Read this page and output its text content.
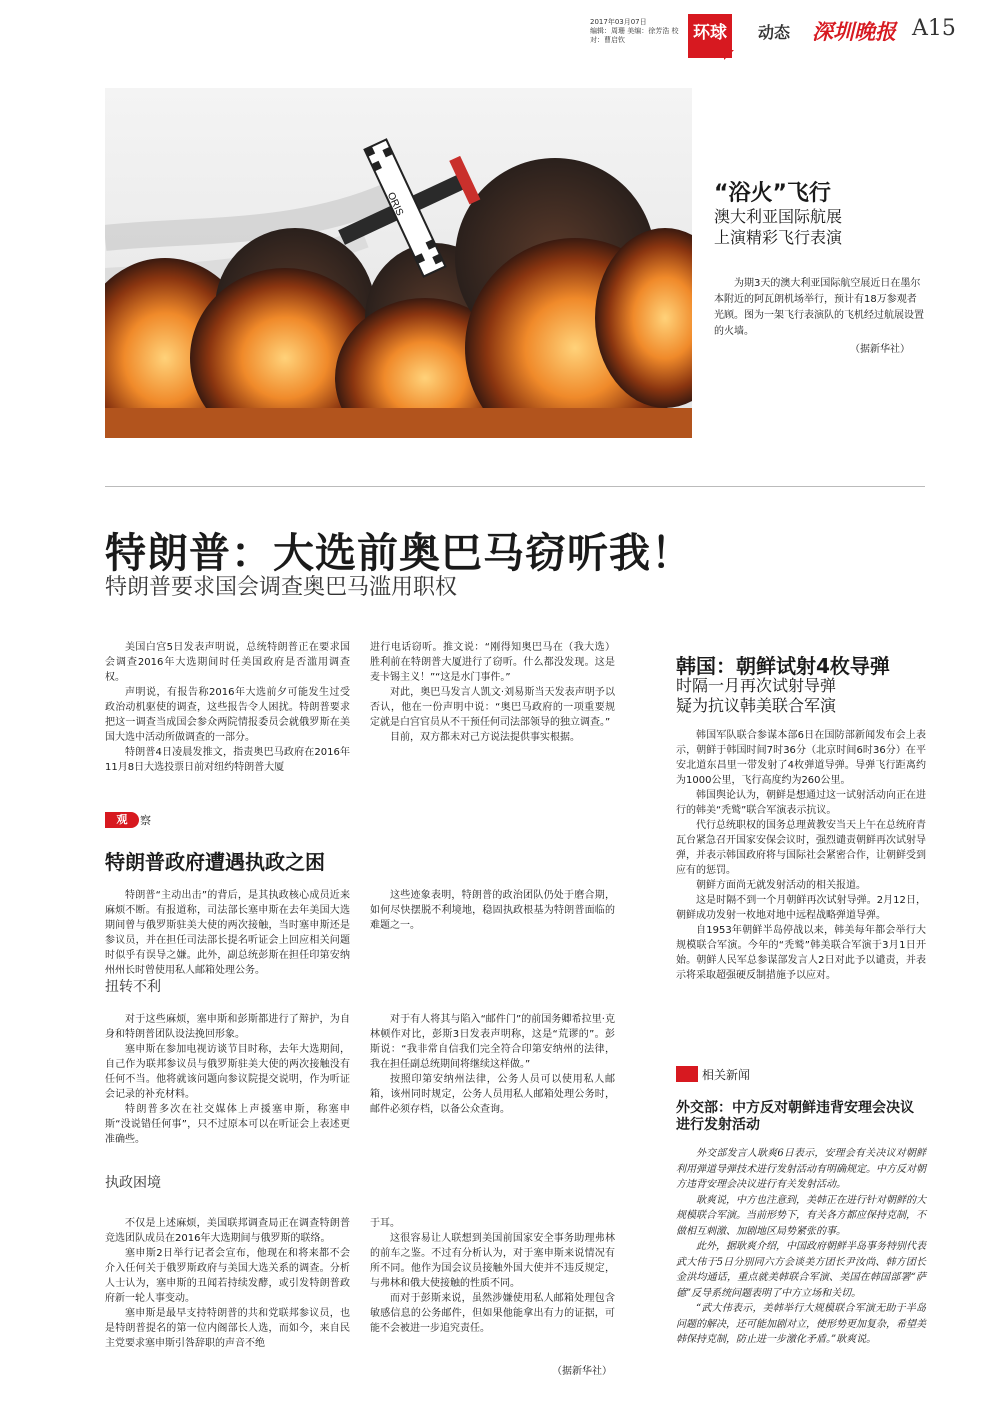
2017年03月07日
编辑：周珊 美编：徐芳浩 校对：曹启钦	环球	动态 深圳晚报 A15
ORIS	“浴火”飞行
澳大利亚国际航展
上演精彩飞行表演
为期3天的澳大利亚国际航空展近日在墨尔本附近的阿瓦朗机场举行，预计有18万参观者光顾。图为一架飞行表演队的飞机经过航展设置的火墙。
（据新华社）
特朗普：大选前奥巴马窃听我！
特朗普要求国会调查奥巴马滥用职权

美国白宫5日发表声明说，总统特朗普正在要求国会调查2016年大选期间时任美国政府是否滥用调查权。

声明说，有报告称2016年大选前夕可能发生过受政治动机驱使的调查，这些报告令人困扰。特朗普要求把这一调查当成国会参众两院情报委员会就俄罗斯在美国大选中活动所做调查的一部分。

特朗普4日凌晨发推文，指责奥巴马政府在2016年11月8日大选投票日前对纽约特朗普大厦

进行电话窃听。推文说：“刚得知奥巴马在（我大选）胜利前在特朗普大厦进行了窃听。什么都没发现。这是麦卡锡主义！”“这是水门事件。”

对此，奥巴马发言人凯文·刘易斯当天发表声明予以否认，他在一份声明中说：“奥巴马政府的一项重要规定就是白宫官员从不干预任何司法部领导的独立调查。”

目前，双方都未对己方说法提供事实根据。

观	察
特朗普政府遭遇执政之困

特朗普“主动出击”的背后，是其执政核心成员近来麻烦不断。有报道称，司法部长塞申斯在去年美国大选期间曾与俄罗斯驻美大使的两次接触，当时塞申斯还是参议员，并在担任司法部长提名听证会上回应相关问题时似乎有误导之嫌。此外，副总统彭斯在担任印第安纳州州长时曾使用私人邮箱处理公务。

这些迹象表明，特朗普的政治团队仍处于磨合期，如何尽快摆脱不利境地，稳固执政根基为特朗普面临的难题之一。

扭转不利

对于这些麻烦，塞申斯和彭斯都进行了辩护，为自身和特朗普团队设法挽回形象。

塞申斯在参加电视访谈节目时称，去年大选期间，自己作为联邦参议员与俄罗斯驻美大使的两次接触没有任何不当。他将就该问题向参议院提交说明，作为听证会记录的补充材料。

特朗普多次在社交媒体上声援塞申斯，称塞申斯“没说错任何事”，只不过原本可以在听证会上表述更准确些。

对于有人将其与陷入“邮件门”的前国务卿希拉里·克林顿作对比，彭斯3日发表声明称，这是“荒谬的”。彭斯说：“我非常自信我们完全符合印第安纳州的法律，我在担任副总统期间将继续这样做。”

按照印第安纳州法律，公务人员可以使用私人邮箱，该州同时规定，公务人员用私人邮箱处理公务时，邮件必须存档，以备公众查询。

执政困境

不仅是上述麻烦，美国联邦调查局正在调查特朗普竞选团队成员在2016年大选期间与俄罗斯的联络。

塞申斯2日举行记者会宣布，他现在和将来都不会介入任何关于俄罗斯政府与美国大选关系的调查。分析人士认为，塞申斯的丑闻若持续发酵，或引发特朗普政府新一轮人事变动。

塞申斯是最早支持特朗普的共和党联邦参议员，也是特朗普提名的第一位内阁部长人选，而如今，来自民主党要求塞申斯引咎辞职的声音不绝

于耳。

这很容易让人联想到美国前国家安全事务助理弗林的前车之鉴。不过有分析认为，对于塞申斯来说情况有所不同。他作为国会议员接触外国大使并不违反规定，与弗林和俄大使接触的性质不同。

而对于彭斯来说，虽然涉嫌使用私人邮箱处理包含敏感信息的公务邮件，但如果他能拿出有力的证据，可能不会被进一步追究责任。

（据新华社）
韩国：朝鲜试射4枚导弹
时隔一月再次试射导弹
疑为抗议韩美联合军演

韩国军队联合参谋本部6日在国防部新闻发布会上表示，朝鲜于韩国时间7时36分（北京时间6时36分）在平安北道东昌里一带发射了4枚弹道导弹。导弹飞行距离约为1000公里，飞行高度约为260公里。

韩国舆论认为，朝鲜是想通过这一试射活动向正在进行的韩美“秃鹫”联合军演表示抗议。

代行总统职权的国务总理黄教安当天上午在总统府青瓦台紧急召开国家安保会议时，强烈谴责朝鲜再次试射导弹，并表示韩国政府将与国际社会紧密合作，让朝鲜受到应有的惩罚。

朝鲜方面尚无就发射活动的相关报道。

这是时隔不到一个月朝鲜再次试射导弹。2月12日，朝鲜成功发射一枚地对地中远程战略弹道导弹。

自1953年朝鲜半岛停战以来，韩美每年都会举行大规模联合军演。今年的“秃鹫”韩美联合军演于3月1日开始。朝鲜人民军总参谋部发言人2日对此予以谴责，并表示将采取超强硬反制措施予以应对。

相关新闻
外交部：中方反对朝鲜违背安理会决议进行发射活动

外交部发言人耿爽6日表示，安理会有关决议对朝鲜利用弹道导弹技术进行发射活动有明确规定。中方反对朝方违背安理会决议进行有关发射活动。

耿爽说，中方也注意到，美韩正在进行针对朝鲜的大规模联合军演。当前形势下，有关各方都应保持克制，不做相互刺激、加剧地区局势紧张的事。

此外，据耿爽介绍，中国政府朝鲜半岛事务特别代表武大伟于5日分别同六方会谈美方团长尹汝尚、韩方团长金洪均通话，重点就美韩联合军演、美国在韩国部署“萨德”反导系统问题表明了中方立场和关切。

“武大伟表示，美韩举行大规模联合军演无助于半岛问题的解决，还可能加剧对立，使形势更加复杂，希望美韩保持克制，防止进一步激化矛盾。”耿爽说。
